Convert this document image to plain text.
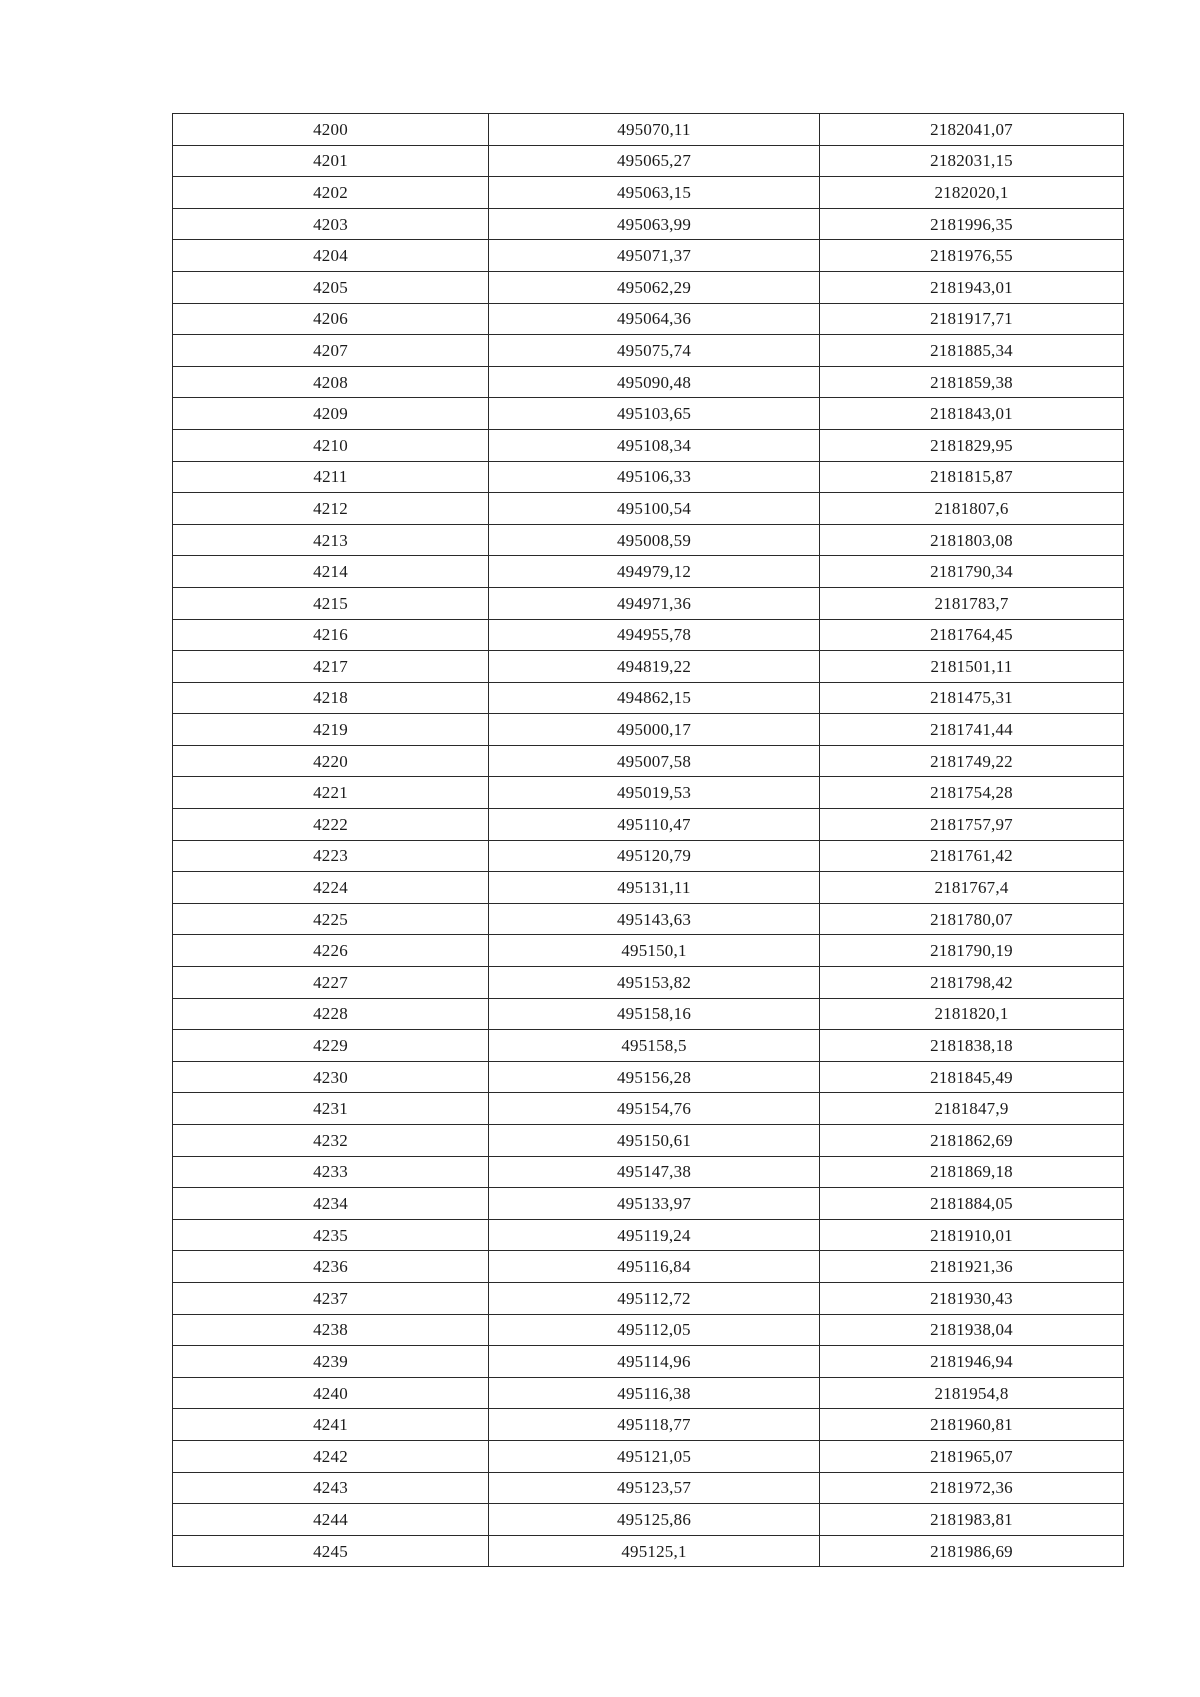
4200	495070,11	2182041,07
4201	495065,27	2182031,15
4202	495063,15	2182020,1
4203	495063,99	2181996,35
4204	495071,37	2181976,55
4205	495062,29	2181943,01
4206	495064,36	2181917,71
4207	495075,74	2181885,34
4208	495090,48	2181859,38
4209	495103,65	2181843,01
4210	495108,34	2181829,95
4211	495106,33	2181815,87
4212	495100,54	2181807,6
4213	495008,59	2181803,08
4214	494979,12	2181790,34
4215	494971,36	2181783,7
4216	494955,78	2181764,45
4217	494819,22	2181501,11
4218	494862,15	2181475,31
4219	495000,17	2181741,44
4220	495007,58	2181749,22
4221	495019,53	2181754,28
4222	495110,47	2181757,97
4223	495120,79	2181761,42
4224	495131,11	2181767,4
4225	495143,63	2181780,07
4226	495150,1	2181790,19
4227	495153,82	2181798,42
4228	495158,16	2181820,1
4229	495158,5	2181838,18
4230	495156,28	2181845,49
4231	495154,76	2181847,9
4232	495150,61	2181862,69
4233	495147,38	2181869,18
4234	495133,97	2181884,05
4235	495119,24	2181910,01
4236	495116,84	2181921,36
4237	495112,72	2181930,43
4238	495112,05	2181938,04
4239	495114,96	2181946,94
4240	495116,38	2181954,8
4241	495118,77	2181960,81
4242	495121,05	2181965,07
4243	495123,57	2181972,36
4244	495125,86	2181983,81
4245	495125,1	2181986,69
